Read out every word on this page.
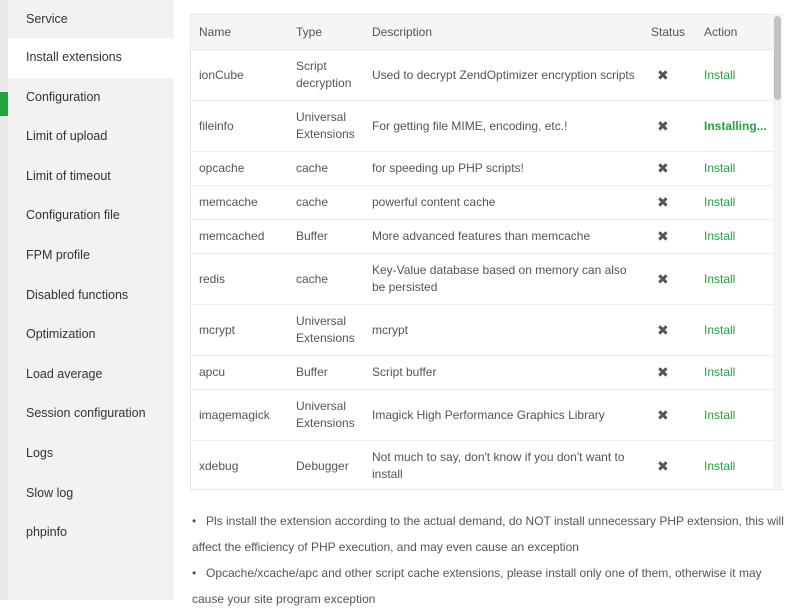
Service
Install extensions
Configuration
Limit of upload
Limit of timeout
Configuration file
FPM profile
Disabled functions
Optimization
Load average
Session configuration
Logs
Slow log
phpinfo
Name	Type	Description	Status	Action
ionCube	Script decryption	Used to decrypt ZendOptimizer encryption scripts	✖	Install
fileinfo	Universal Extensions	For getting file MIME, encoding, etc.!	✖	Installing...
opcache	cache	for speeding up PHP scripts!	✖	Install
memcache	cache	powerful content cache	✖	Install
memcached	Buffer	More advanced features than memcache	✖	Install
redis	cache	Key-Value database based on memory can also be persisted	✖	Install
mcrypt	Universal Extensions	mcrypt	✖	Install
apcu	Buffer	Script buffer	✖	Install
imagemagick	Universal Extensions	Imagick High Performance Graphics Library	✖	Install
xdebug	Debugger	Not much to say, don't know if you don't want to install	✖	Install
• Pls install the extension according to the actual demand, do NOT install unnecessary PHP extension, this will affect the efficiency of PHP execution, and may even cause an exception
• Opcache/xcache/apc and other script cache extensions, please install only one of them, otherwise it may cause your site program exception
